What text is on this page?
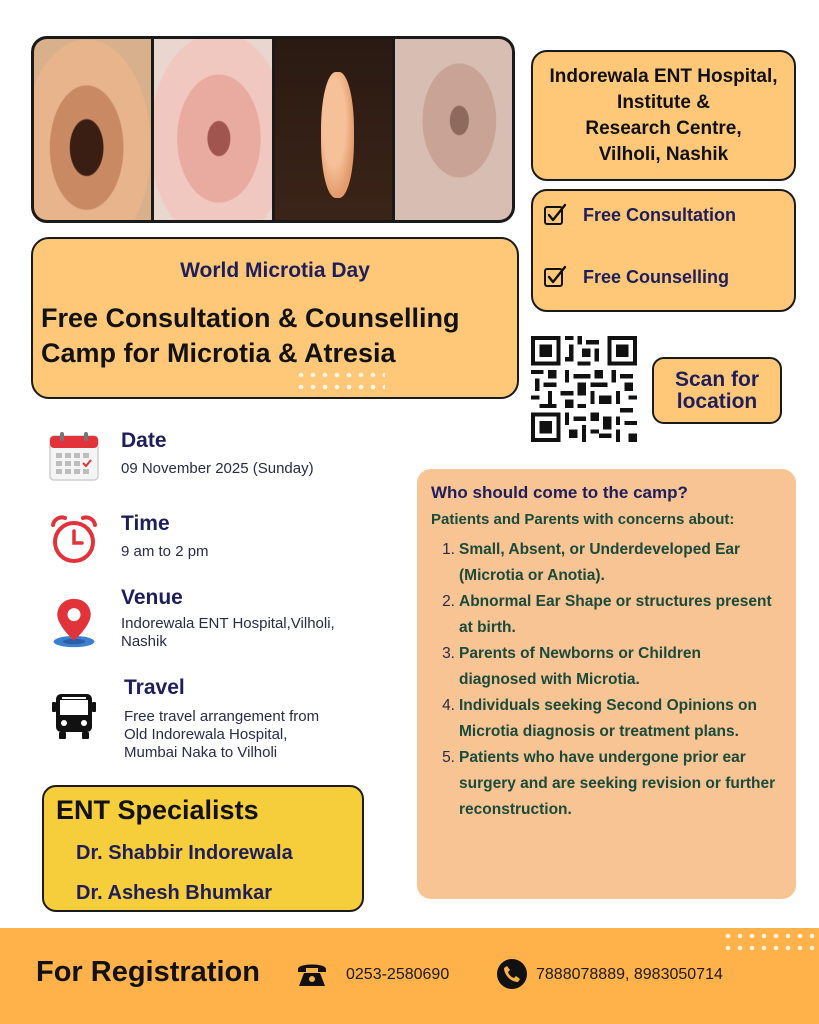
Indorewala ENT Hospital,
Institute &
Research Centre,
Vilholi, Nashik
Free Consultation
Free Counselling
World Microtia Day
Free Consultation & Counselling
Camp for Microtia & Atresia
Scan for
location
Date
09 November 2025 (Sunday)
Time
9 am to 2 pm
Venue
Indorewala ENT Hospital,Vilholi,
Nashik
Travel
Free travel arrangement from
Old Indorewala Hospital,
Mumbai Naka to Vilholi
Who should come to the camp?
Patients and Parents with concerns about:
1. Small, Absent, or Underdeveloped Ear (Microtia or Anotia).
2. Abnormal Ear Shape or structures present at birth.
3. Parents of Newborns or Children diagnosed with Microtia.
4. Individuals seeking Second Opinions on Microtia diagnosis or treatment plans.
5. Patients who have undergone prior ear surgery and are seeking revision or further reconstruction.
ENT Specialists
Dr. Shabbir Indorewala
Dr. Ashesh Bhumkar
For Registration	0253-2580690	7888078889, 8983050714
